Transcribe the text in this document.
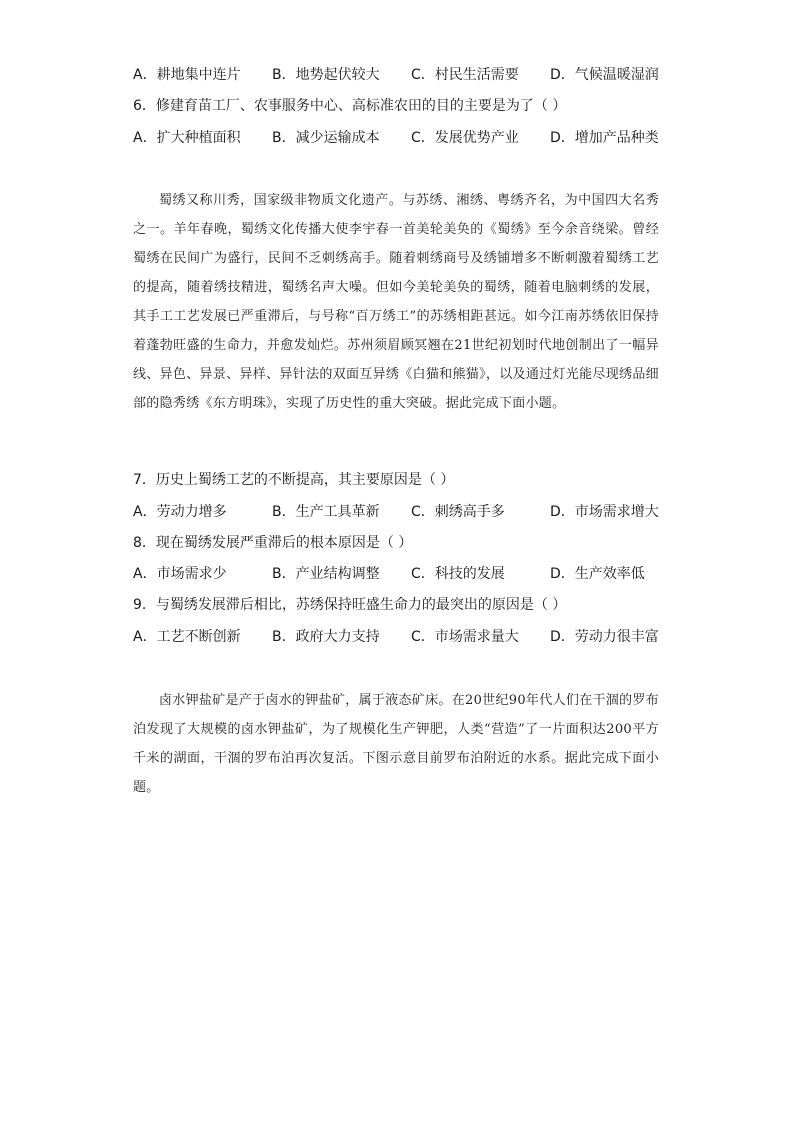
A．耕地集中连片 B．地势起伏较大 C．村民生活需要 D．气候温暖湿润
6．修建育苗工厂、农事服务中心、高标准农田的目的主要是为了（ ）
A．扩大种植面积 B．减少运输成本 C．发展优势产业 D．增加产品种类
蜀绣又称川秀，国家级非物质文化遗产。与苏绣、湘绣、粤绣齐名，为中国四大名秀之一。羊年春晚，蜀绣文化传播大使李宇春一首美轮美奂的《蜀绣》至今余音绕梁。曾经蜀绣在民间广为盛行，民间不乏刺绣高手。随着刺绣商号及绣铺增多不断刺激着蜀绣工艺的提高，随着绣技精进，蜀绣名声大噪。但如今美轮美奂的蜀绣，随着电脑刺绣的发展，其手工工艺发展已严重滞后，与号称“百万绣工”的苏绣相距甚远。如今江南苏绣依旧保持着蓬勃旺盛的生命力，并愈发灿烂。苏州须眉顾冥翘在21世纪初划时代地创制出了一幅异线、异色、异景、异样、异针法的双面互异绣《白猫和熊猫》，以及通过灯光能尽现绣品细部的隐秀绣《东方明珠》，实现了历史性的重大突破。据此完成下面小题。
7．历史上蜀绣工艺的不断提高，其主要原因是（ ）
A．劳动力增多	B．生产工具革新 C．刺绣高手多	D．市场需求增大
8．现在蜀绣发展严重滞后的根本原因是（ ）
A．市场需求少	B．产业结构调整 C．科技的发展	D．生产效率低
9．与蜀绣发展滞后相比，苏绣保持旺盛生命力的最突出的原因是（ ）
A．工艺不断创新 B．政府大力支持 C．市场需求量大 D．劳动力很丰富
卤水钾盐矿是产于卤水的钾盐矿，属于液态矿床。在20世纪90年代人们在干涸的罗布泊发现了大规模的卤水钾盐矿，为了规模化生产钾肥，人类“营造”了一片面积达200平方千米的湖面，干涸的罗布泊再次复活。下图示意目前罗布泊附近的水系。据此完成下面小题。
